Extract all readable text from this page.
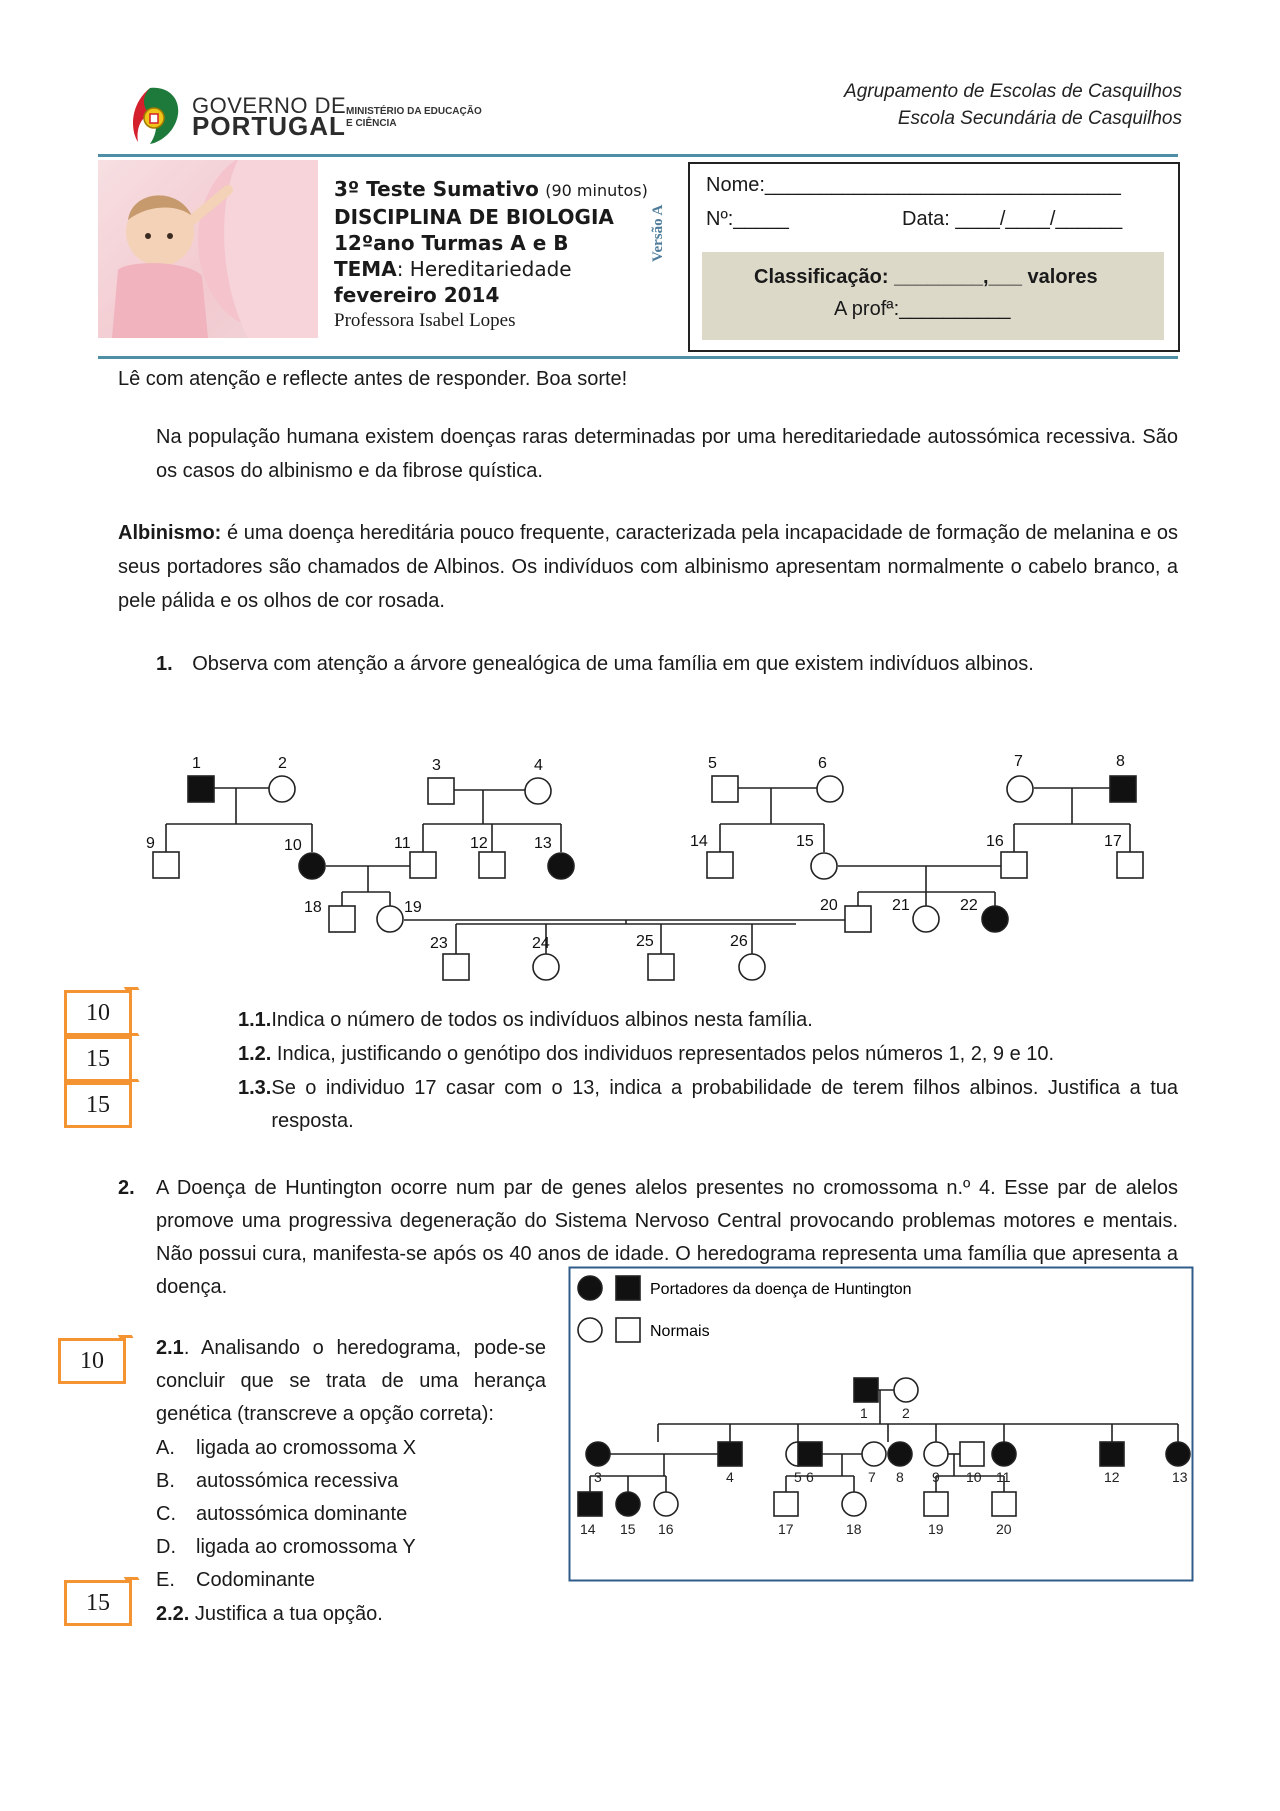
Agrupamento de Escolas de Casquilhos
Escola Secundária de Casquilhos
GOVERNO DE
PORTUGAL MINISTÉRIO DA EDUCAÇÃO
E CIÊNCIA
3º Teste Sumativo (90 minutos)
DISCIPLINA DE BIOLOGIA
12ºano Turmas A e B
TEMA: Hereditariedade
fevereiro 2014
Professora Isabel Lopes
Versão A
Nome:________________________________
Nº:_____	Data: ____/____/______
Classificação: ________,___ valores
A profª:__________
Lê com atenção e reflecte antes de responder. Boa sorte!
Na população humana existem doenças raras determinadas por uma hereditariedade autossómica recessiva. São os casos do albinismo e da fibrose quística.
Albinismo: é uma doença hereditária pouco frequente, caracterizada pela incapacidade de formação de melanina e os seus portadores são chamados de Albinos. Os indivíduos com albinismo apresentam normalmente o cabelo branco, a pele pálida e os olhos de cor rosada.
1. Observa com atenção a árvore genealógica de uma família em que existem indivíduos albinos.
1	2	3	4	5	6	7	8
9	10	11	12	13	14	15	16	17
18	19	20	21	22
23	24	25	26
10
15
15
1.1.Indica o número de todos os indivíduos albinos nesta família.
1.2. Indica, justificando o genótipo dos individuos representados pelos números 1, 2, 9 e 10.
1.3. Se o individuo 17 casar com o 13, indica a probabilidade de terem filhos albinos. Justifica a tua resposta.
2.	A Doença de Huntington ocorre num par de genes alelos presentes no cromossoma n.º 4. Esse par de alelos promove uma progressiva degeneração do Sistema Nervoso Central provocando problemas motores e mentais. Não possui cura, manifesta-se após os 40 anos de idade. O heredograma representa uma família que apresenta a doença.
10	2.1. Analisando o heredograma, pode-se concluir que se trata de uma herança genética (transcreve a opção correta):
A. ligada ao cromossoma X
B. autossómica recessiva
C. autossómica dominante
D. ligada ao cromossoma Y
E. Codominante
15	2.2. Justifica a tua opção.
Portadores da doença de Huntington
Normais
1 2
3	4	5 6	7 8 9 10 11	12	13
14 15 16	17	18	19	20
